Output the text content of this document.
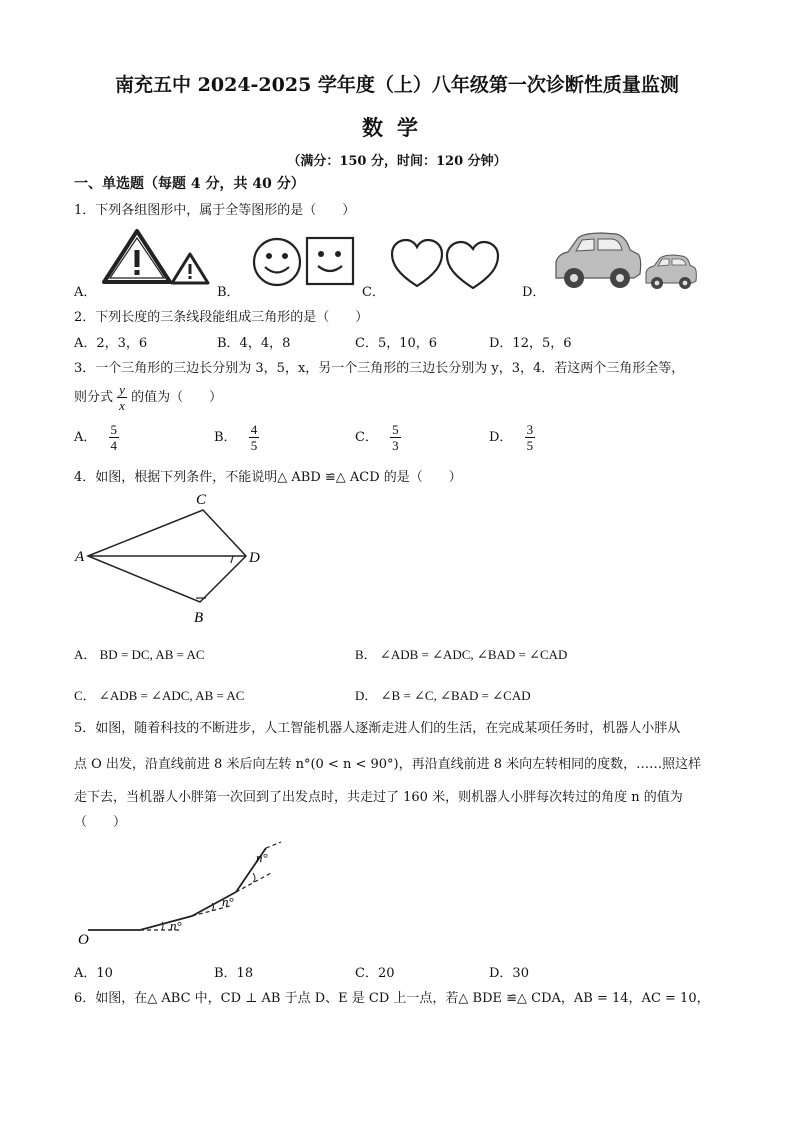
南充五中 2024-2025 学年度（上）八年级第一次诊断性质量监测
数学
（满分：150 分，时间：120 分钟）
一、单选题（每题 4 分，共 40 分）
1．下列各组图形中，属于全等图形的是（　　）
A．	B．	C．	D．
2．下列长度的三条线段能组成三角形的是（　　）
A．2，3，6	B．4，4，8	C．5，10，6	D．12，5，6
3．一个三角形的三边长分别为 3，5，x，另一个三角形的三边长分别为 y，3，4．若这两个三角形全等，
则分式 $\frac{y}{x}$ 的值为（　　）
A． $\frac{5}{4}$	B． $\frac{4}{5}$	C． $\frac{5}{3}$	D． $\frac{3}{5}$
4．如图，根据下列条件，不能说明△ ABD ≌△ ACD 的是（　　）
A
C
D
B
A． BD = DC, AB = AC	B． ∠ADB = ∠ADC, ∠BAD = ∠CAD
C． ∠ADB = ∠ADC, AB = AC	D． ∠B = ∠C, ∠BAD = ∠CAD
5．如图，随着科技的不断进步，人工智能机器人逐渐走进人们的生活，在完成某项任务时，机器人小胖从
点 O 出发，沿直线前进 8 米后向左转 n°(0 < n < 90°)，再沿直线前进 8 米向左转相同的度数，……照这样
走下去，当机器人小胖第一次回到了出发点时，共走过了 160 米，则机器人小胖每次转过的角度 n 的值为
（　　）
O
n°
n°
n°
A．10	B．18	C．20	D．30
6．如图，在△ ABC 中，CD ⊥ AB 于点 D、E 是 CD 上一点，若△ BDE ≌△ CDA，AB = 14，AC = 10，
